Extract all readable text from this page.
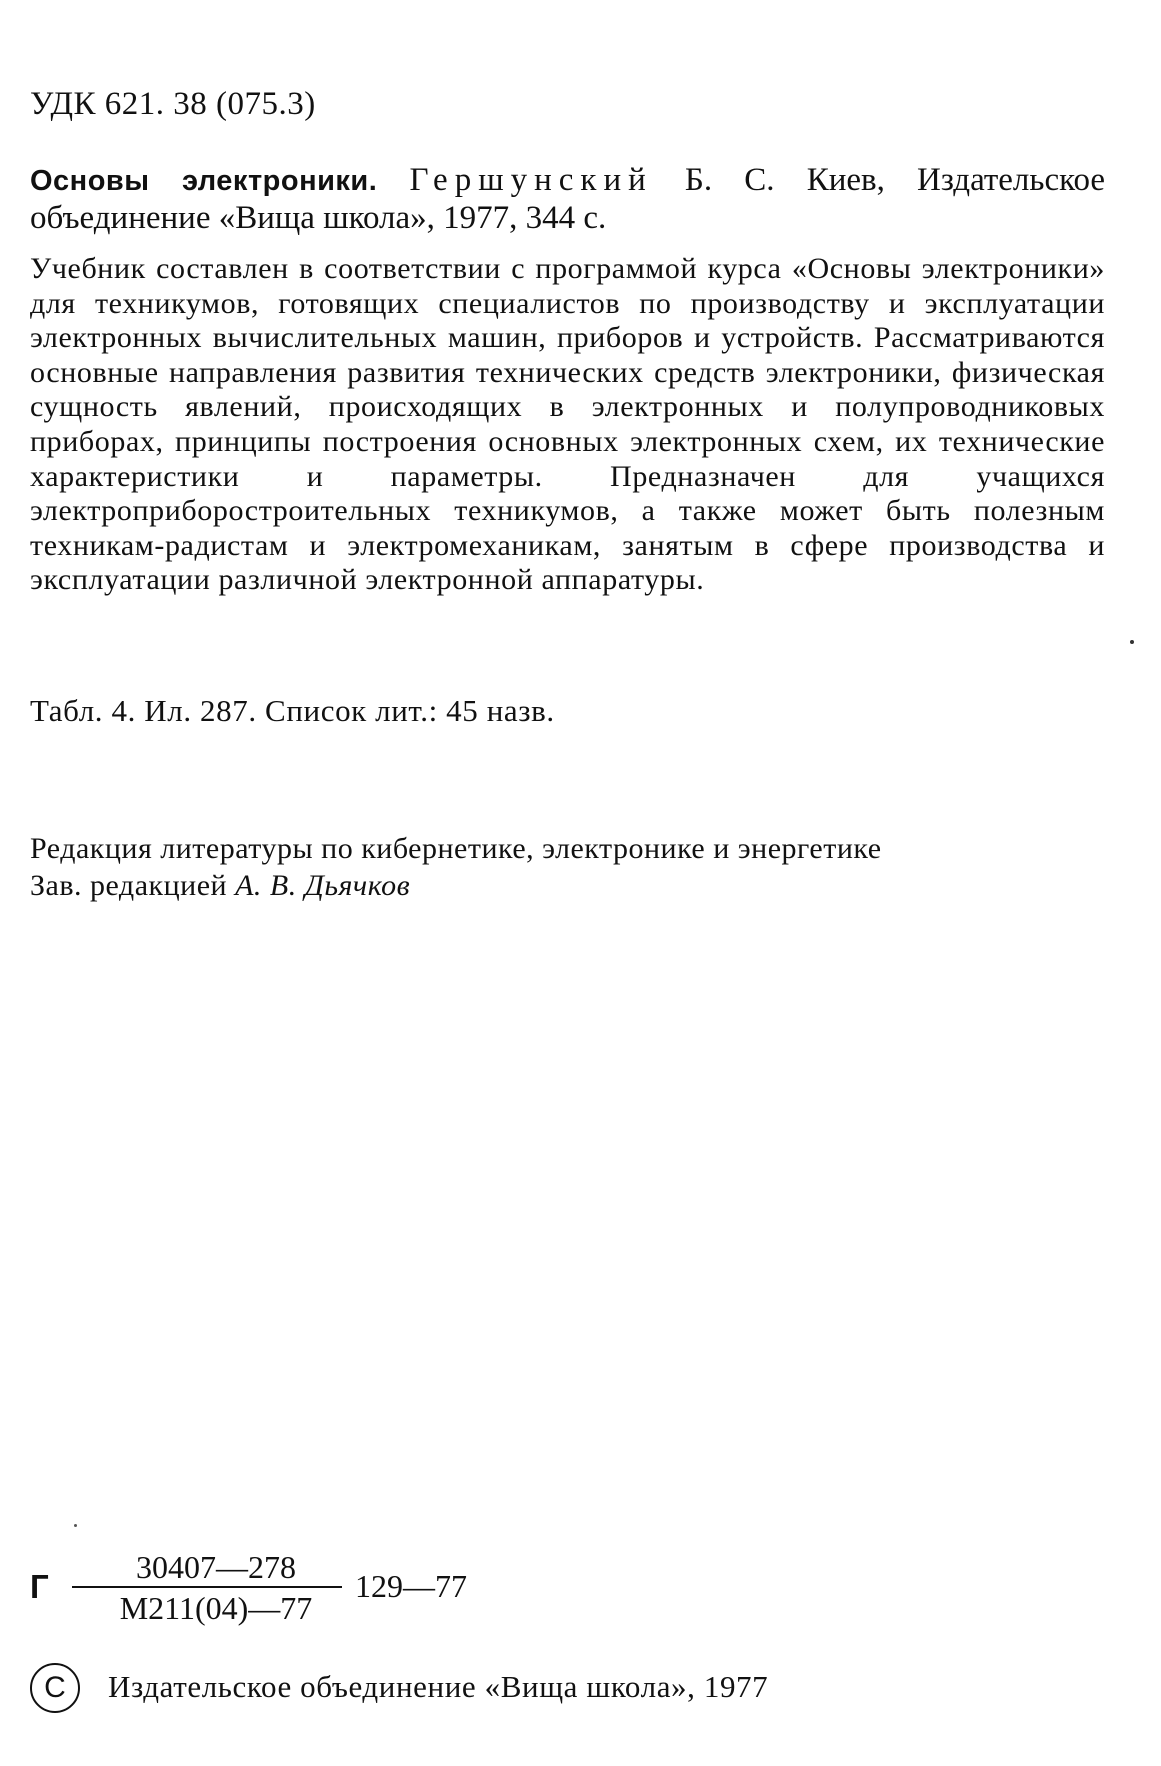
УДК 621. 38 (075.3)
Основы электроники. Гершунский Б. С. Киев, Издательское объединение «Вища школа», 1977, 344 с.
Учебник составлен в соответствии с программой курса «Основы электроники» для техникумов, готовящих специалистов по производству и эксплуатации электронных вычислительных машин, приборов и устройств. Рассматриваются основные направления развития технических средств электроники, физическая сущность явлений, происходящих в электронных и полупроводниковых приборах, принципы построения основных электронных схем, их технические характеристики и параметры. Предназначен для учащихся электроприборостроительных техникумов, а также может быть полезным техникам-радистам и электромеханикам, занятым в сфере производства и эксплуатации различной электронной аппаратуры.
Табл. 4. Ил. 287. Список лит.: 45 назв.
Редакция литературы по кибернетике, электронике и энергетике
Зав. редакцией А. В. Дьячков
Г
30407—278
М211(04)—77
129—77
C	Издательское объединение «Вища школа», 1977
